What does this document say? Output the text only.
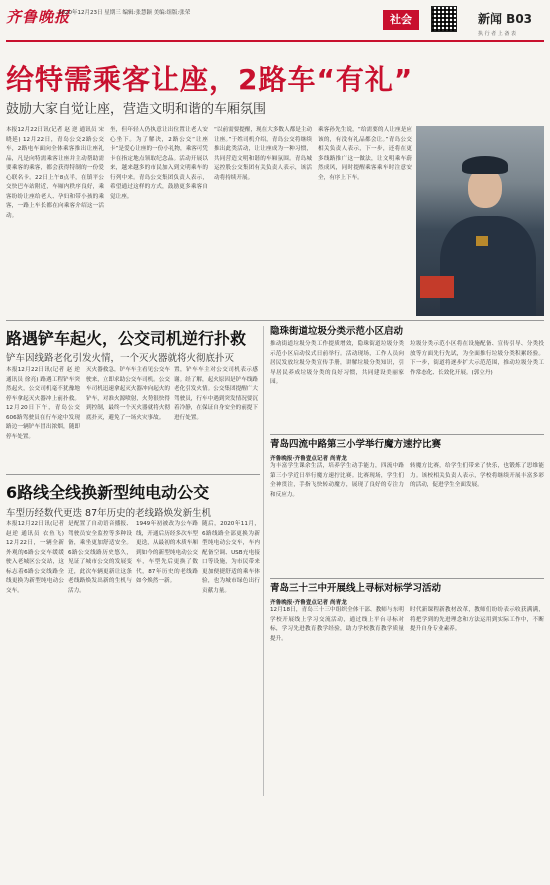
齐鲁晚报
2020年12月23日 星期三 编辑:张慧颖 美编:组版:张荣	社会	新闻 B03
执 行 者 上 备 表
给特需乘客让座，2路车“有礼”
鼓励大家自觉让座，营造文明和谐的车厢氛围
本报12月22日讯(记者 赵 逆 通讯员 宋晓延) 12月22日，青岛公交2路公交车，2路电车面向全体乘客推出让座礼品，凡是向特需乘客让座并主动帮助需要乘客的乘客，都会获得特制的一份爱心联名卡。22日上午8点半，在镇平公交快巴车站附近，车厢内秩序良好，乘客纷纷让座给老人、孕妇和带小孩的乘客，一路上车长都在向乘客介绍这一活动。
坐，但年轻人仍执意让出位置让老人安心坐下。为了解决，2路公交“让座卡”是爱心让座的一份小礼物，乘客可凭卡在指定地点领取纪念品。活动开展以来，越来越多的市民加入到文明乘车的行列中来。青岛公交集团负责人表示，希望通过这样的方式，鼓励更多乘客自觉让座。
“以前需要提醒，现在大多数人都是主动让座。”于姓司机介绍，青岛公交将继续推出此类活动，让让座成为一种习惯，共同营造文明和谐的车厢氛围。青岛城运控股公交集团有关负责人表示，该活动将持续开展。
乘客孙先生说，“给需要的人让座是应该的，有没有礼品都会让。”青岛公交相关负责人表示，下一步，还将在更多线路推广这一做法，让文明乘车蔚然成风，同时提醒乘客乘车时注意安全，有序上下车。
路遇铲车起火，公交司机逆行扑救
铲车因线路老化引发火情，一个灭火器就将火彻底扑灭
本报12月22日讯(记者 赵 逆 通讯员 徐亮) 路遇工程铲车突然起火，公交司机毫不犹豫地停车拿起灭火器冲上前扑救。12月20日下午，青岛公交606路驾驶员在行车途中发现路边一辆铲车冒出浓烟，随即停车处置。
灭火器救急，铲车车主看见公交车驶来，立即求助公交车司机。公交车司机迅速拿起灭火器冲向起火的铲车，对准火源喷射，火势很快得到控制，最终一个灭火器就将火彻底扑灭，避免了一场火灾事故。
置，铲车车主对公交司机表示感谢。经了解，起火原因是铲车线路老化引发火情。公交集团提醒广大驾驶员，行车中遇到突发情况要沉着冷静，在保证自身安全的前提下进行处置。
隐珠街道垃圾分类示范小区启动
推动街道垃圾分类工作提质增效，隐珠街道垃圾分类示范小区启动仪式日前举行。活动现场，工作人员向居民发放垃圾分类宣传手册，讲解垃圾分类知识，引导居民养成垃圾分类的良好习惯，共同建设美丽家园。
垃圾分类示范小区将在设施配备、宣传引导、分类投放等方面先行先试，为全面推行垃圾分类积累经验。下一步，街道将逐步扩大示范范围，推动垃圾分类工作常态化、长效化开展。(郭立丹)
6路线全线换新型纯电动公交
车型历经数代更迭 87年历史的老线路焕发新生机
本报12月22日讯(记者 赵逆 通讯员 衣鱼飞) 12月22日，一辆全新外观的6路公交车缓缓驶入老城区公交站，这标志着6路公交线路全线更换为新型纯电动公交车。
是配置了自动语音播报、驾驶员安全监控等多种设备，乘坐更加舒适安全。6路公交线路历史悠久，见证了城市公交的发展变迁，此次车辆更新让这条老线路焕发出新的生机与活力。
1949年初被改为公车路线，开通后历经多次车型更迭，从最初的木质车厢到如今的新型纯电动公交车，车型先后更换了数代，87年历史的老线路如今焕然一新。
随后，2020年11月，6路线路全部更换为新型纯电动公交车，车内配备空调、USB充电接口等设施，为市民带来更加便捷舒适的乘车体验，也为城市绿色出行贡献力量。
青岛四流中路第三小学举行魔方速拧比赛
齐鲁晚报·齐鲁壹点记者 尚青龙
为丰富学生课余生活，培养学生动手能力，四流中路第三小学近日举行魔方速拧比赛。比赛现场，学生们全神贯注，手指飞快转动魔方，展现了良好的专注力和反应力。
转魔方比赛，给学生们带来了快乐，也锻炼了思维能力。该校相关负责人表示，学校将继续开展丰富多彩的活动，促进学生全面发展。
青岛三十三中开展线上寻标对标学习活动
齐鲁晚报·齐鲁壹点记者 尚青龙
12月18日，青岛三十三中组织全体干部、教师与东明学校开展线上学习交流活动，通过线上平台寻标对标，学习先进教育教学经验，助力学校教育教学质量提升。
时代新课程新教材改革，教师们纷纷表示收获满满，将把学到的先进理念和方法运用到实际工作中，不断提升自身专业素养。
